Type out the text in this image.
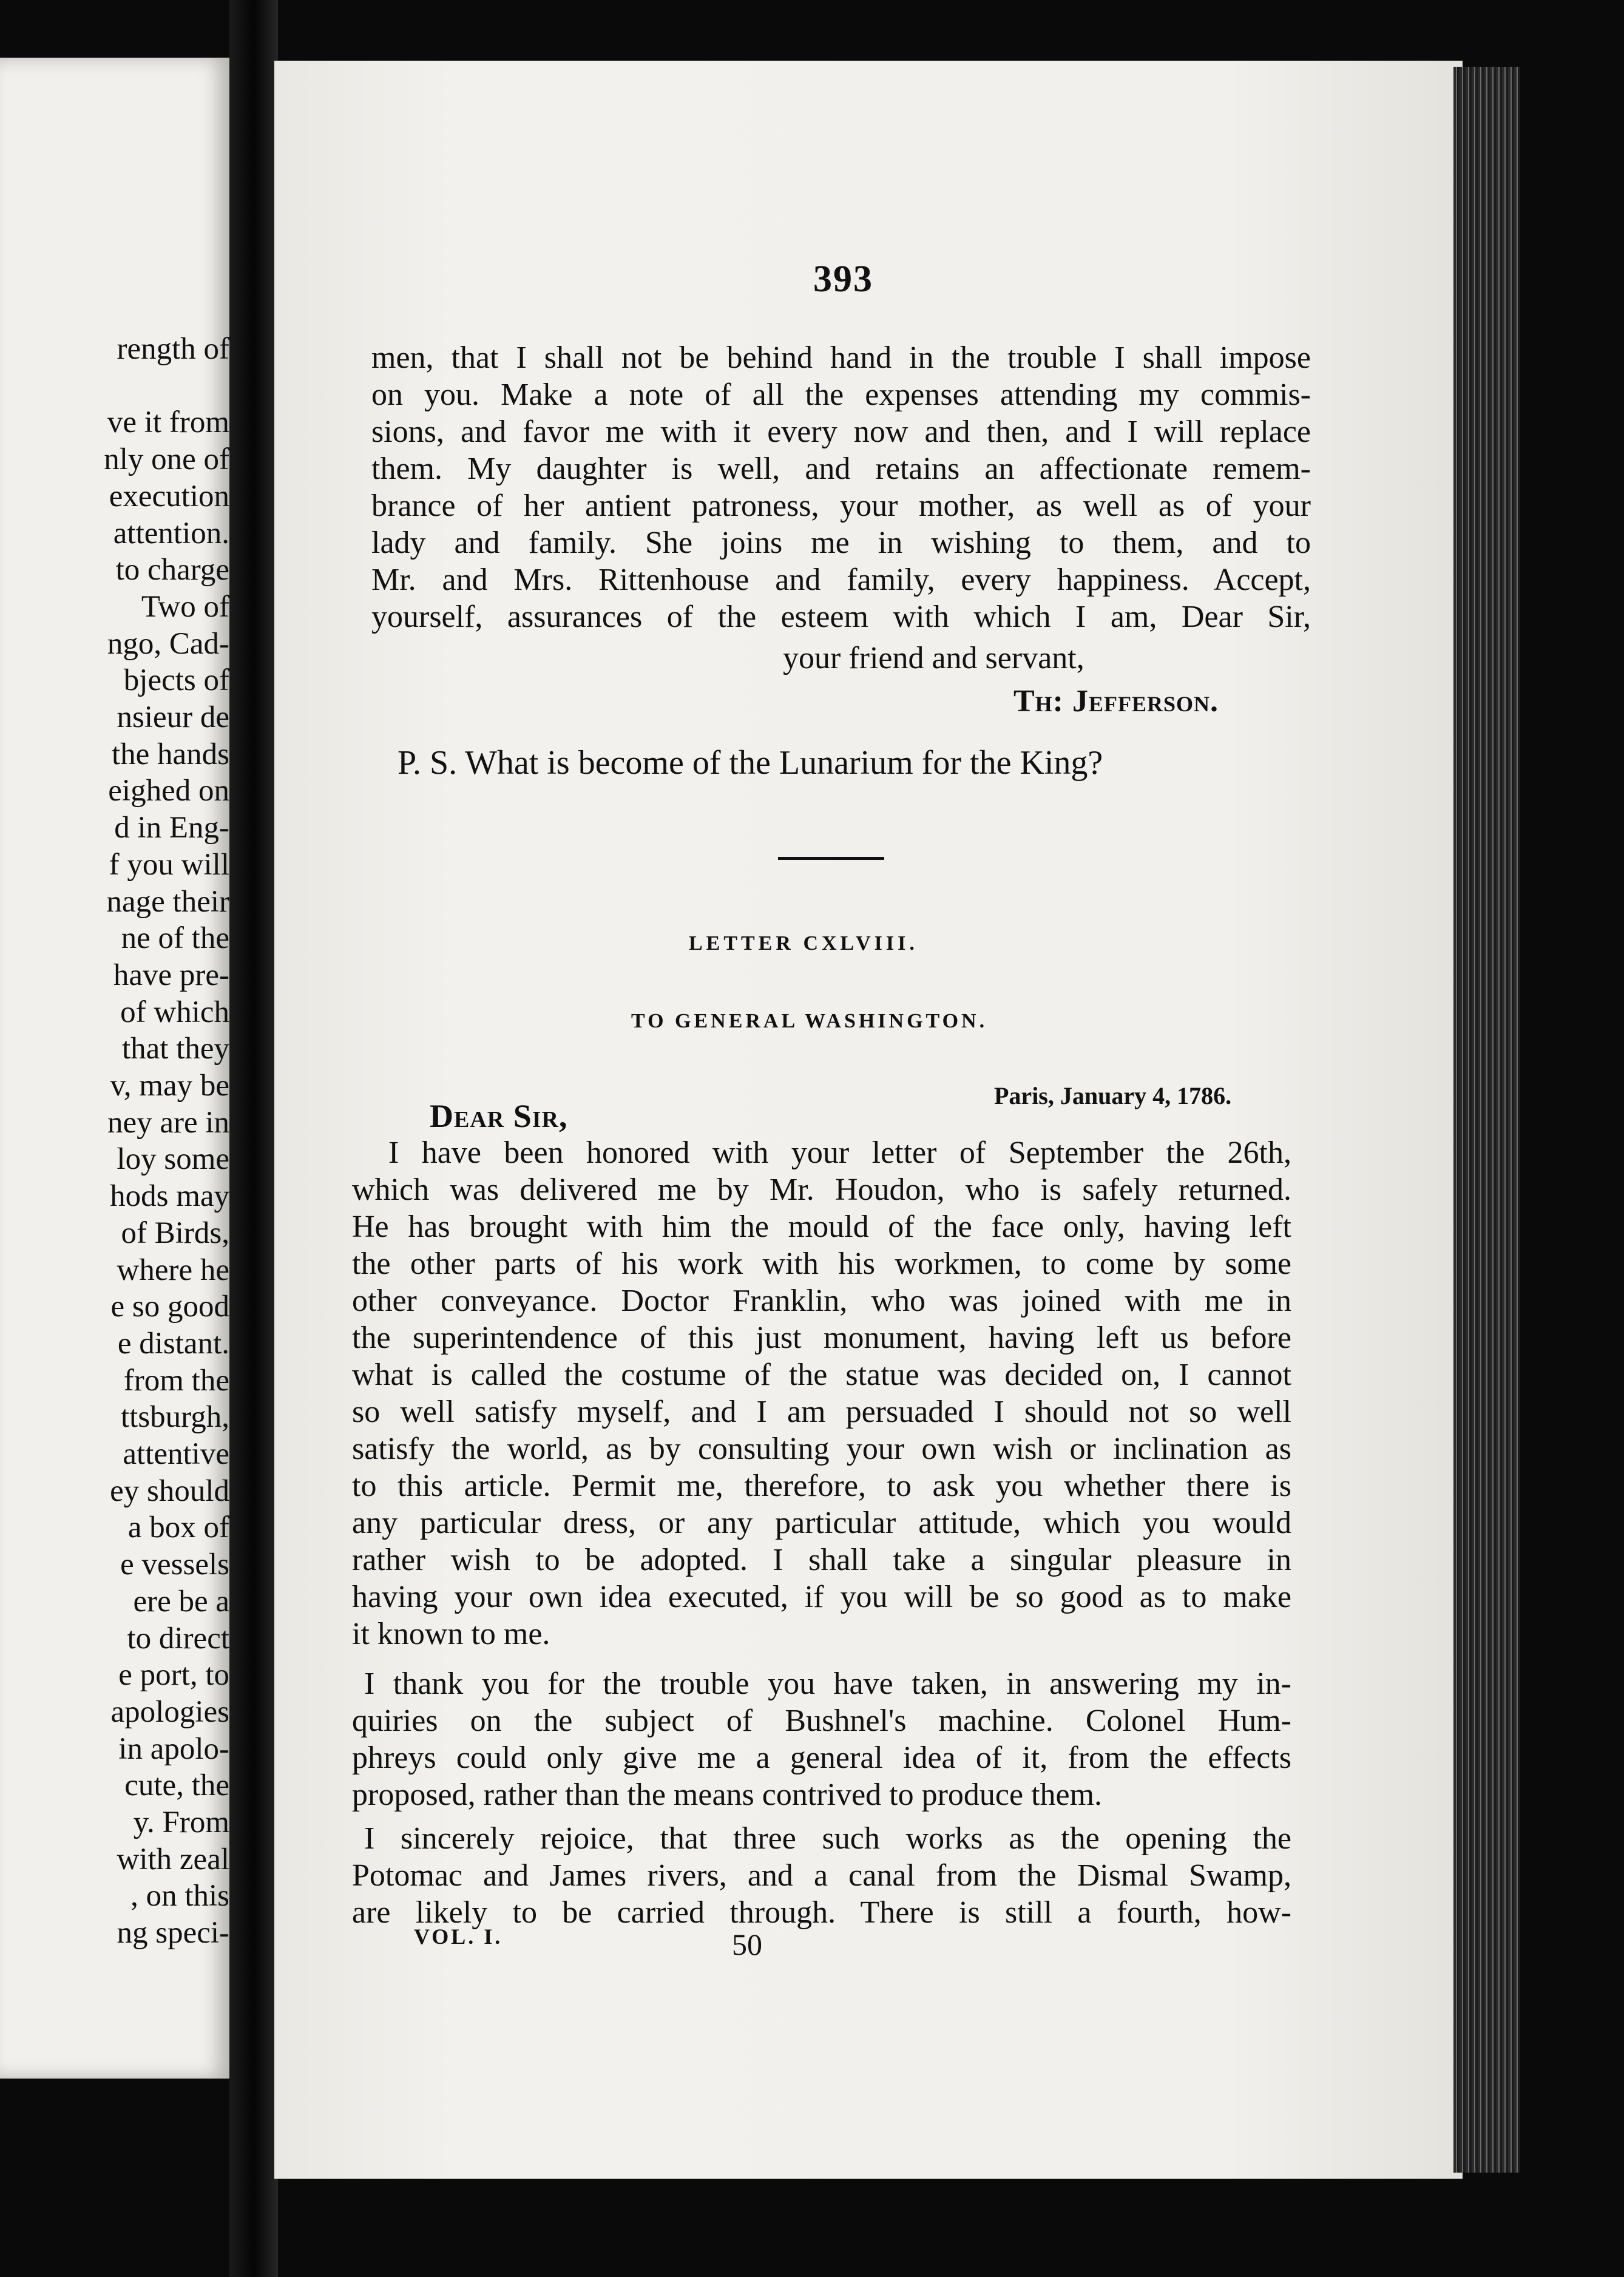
rength of
ve it from
nly one of
execution
attention.
to charge
Two of
ngo, Cad-
bjects of
nsieur de
the hands
eighed on
d in Eng-
f you will
nage their
ne of the
have pre-
of which
that they
v, may be
ney are in
loy some
hods may
of Birds,
where he
e so good
e distant.
from the
ttsburgh,
attentive
ey should
a box of
e vessels
ere be a
to direct
e port, to
apologies
in apolo-
cute, the
y. From
with zeal
, on this
ng speci-
393
men, that I shall not be behind hand in the trouble I shall impose
on you. Make a note of all the expenses attending my commis-
sions, and favor me with it every now and then, and I will replace
them. My daughter is well, and retains an affectionate remem-
brance of her antient patroness, your mother, as well as of your
lady and family. She joins me in wishing to them, and to
Mr. and Mrs. Rittenhouse and family, every happiness. Accept,
yourself, assurances of the esteem with which I am, Dear Sir,
your friend and servant,
Th: Jefferson.
P. S. What is become of the Lunarium for the King?
LETTER CXLVIII.
TO GENERAL WASHINGTON.
Paris, January 4, 1786.
Dear Sir,
I have been honored with your letter of September the 26th,
which was delivered me by Mr. Houdon, who is safely returned.
He has brought with him the mould of the face only, having left
the other parts of his work with his workmen, to come by some
other conveyance. Doctor Franklin, who was joined with me in
the superintendence of this just monument, having left us before
what is called the costume of the statue was decided on, I cannot
so well satisfy myself, and I am persuaded I should not so well
satisfy the world, as by consulting your own wish or inclination as
to this article. Permit me, therefore, to ask you whether there is
any particular dress, or any particular attitude, which you would
rather wish to be adopted. I shall take a singular pleasure in
having your own idea executed, if you will be so good as to make
it known to me.
I thank you for the trouble you have taken, in answering my in-
quiries on the subject of Bushnel's machine. Colonel Hum-
phreys could only give me a general idea of it, from the effects
proposed, rather than the means contrived to produce them.
I sincerely rejoice, that three such works as the opening the
Potomac and James rivers, and a canal from the Dismal Swamp,
are likely to be carried through. There is still a fourth, how-
VOL. I.	50
